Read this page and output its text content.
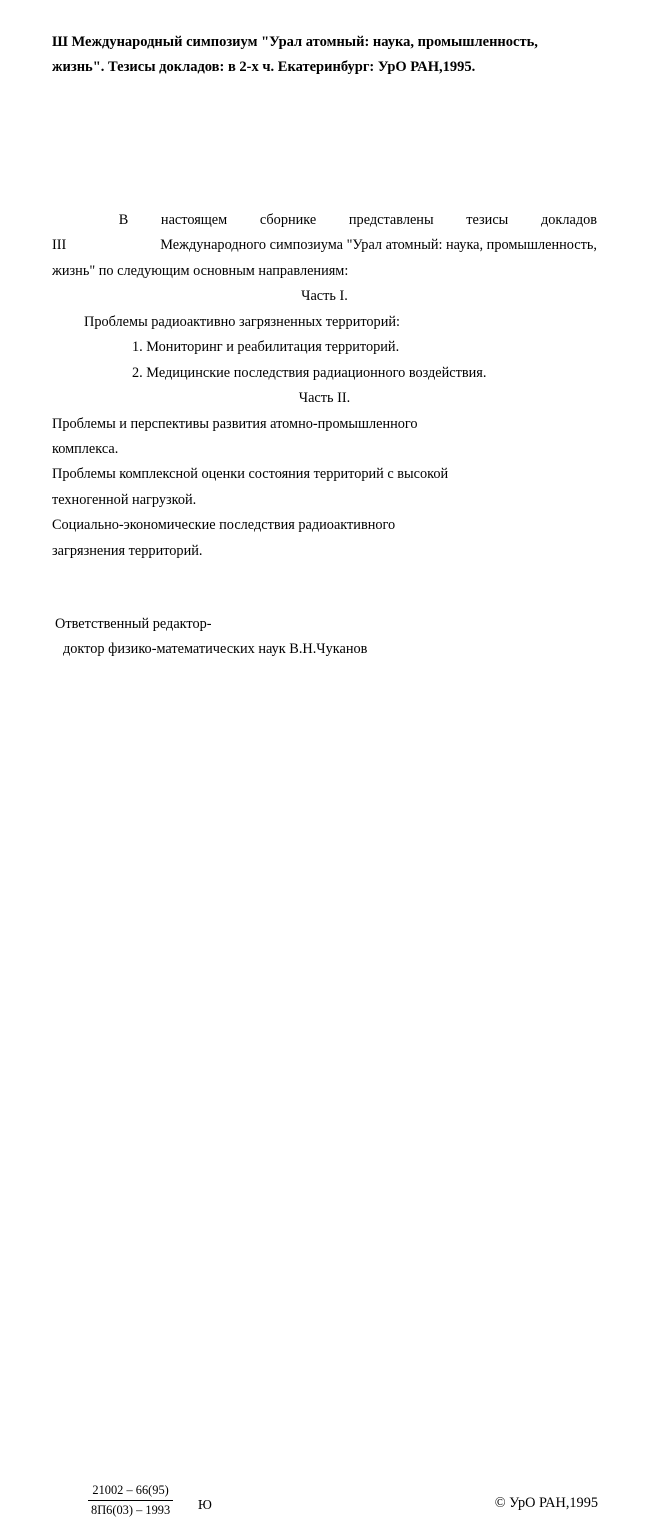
Ш Международный симпозиум "Урал атомный: наука, промышленность,
жизнь". Тезисы докладов: в 2-х ч. Екатеринбург: УрО РАН,1995.
В настоящем сборнике представлены тезисы докладов
III	Международного симпозиума "Урал атомный: наука, промышленность,
жизнь" по следующим основным направлениям:
Часть I.
Проблемы радиоактивно загрязненных территорий:
1. Мониторинг и реабилитация территорий.
2. Медицинские последствия радиационного воздействия.
Часть II.
Проблемы и перспективы развития атомно-промышленного
комплекса.
Проблемы комплексной оценки состояния территорий с высокой
техногенной нагрузкой.
Социально-экономические последствия радиоактивного
загрязнения территорий.
Ответственный редактор-
доктор физико-математических наук В.Н.Чуканов
21002 – 66(95)
8П6(03) – 1993 Ю	© УрО РАН,1995
